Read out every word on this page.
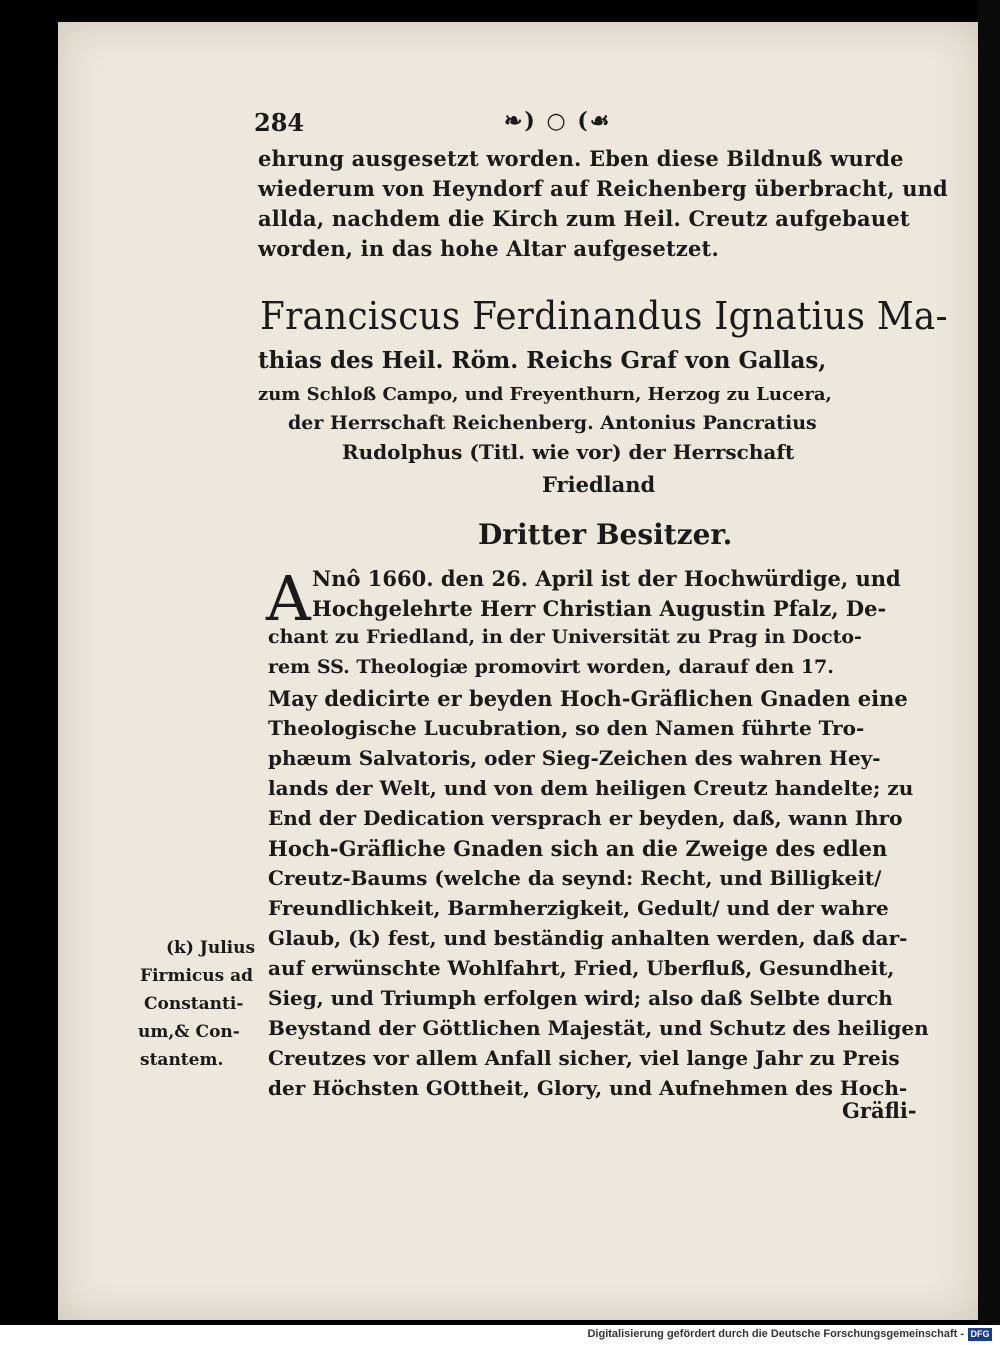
284	❧) ○ (☙
ehrung ausgesetzt worden. Eben diese Bildnuß wurde
wiederum von Heyndorf auf Reichenberg überbracht, und
allda, nachdem die Kirch zum Heil. Creutz aufgebauet
worden, in das hohe Altar aufgesetzet.
Franciscus Ferdinandus Ignatius Ma-
thias des Heil. Röm. Reichs Graf von Gallas,
zum Schloß Campo, und Freyenthurn, Herzog zu Lucera,
der Herrschaft Reichenberg. Antonius Pancratius
Rudolphus (Titl. wie vor) der Herrschaft
Friedland
Dritter Besitzer.
A Nnô 1660. den 26. April ist der Hochwürdige, und
Hochgelehrte Herr Christian Augustin Pfalz, De-
chant zu Friedland, in der Universität zu Prag in Docto-
rem SS. Theologiæ promovirt worden, darauf den 17.
May dedicirte er beyden Hoch-Gräflichen Gnaden eine
Theologische Lucubration, so den Namen führte Tro-
phæum Salvatoris, oder Sieg-Zeichen des wahren Hey-
lands der Welt, und von dem heiligen Creutz handelte; zu
End der Dedication versprach er beyden, daß, wann Ihro
Hoch-Gräfliche Gnaden sich an die Zweige des edlen
Creutz-Baums (welche da seynd: Recht, und Billigkeit/
Freundlichkeit, Barmherzigkeit, Gedult/ und der wahre
Glaub, (k) fest, und beständig anhalten werden, daß dar-
auf erwünschte Wohlfahrt, Fried, Uberfluß, Gesundheit,
Sieg, und Triumph erfolgen wird; also daß Selbte durch
Beystand der Göttlichen Majestät, und Schutz des heiligen
Creutzes vor allem Anfall sicher, viel lange Jahr zu Preis
der Höchsten GOttheit, Glory, und Aufnehmen des Hoch-
Gräfli-
(k) Julius
Firmicus ad
Constanti-
um,& Con-
stantem.
Digitalisierung gefördert durch die Deutsche Forschungsgemeinschaft - DFG
